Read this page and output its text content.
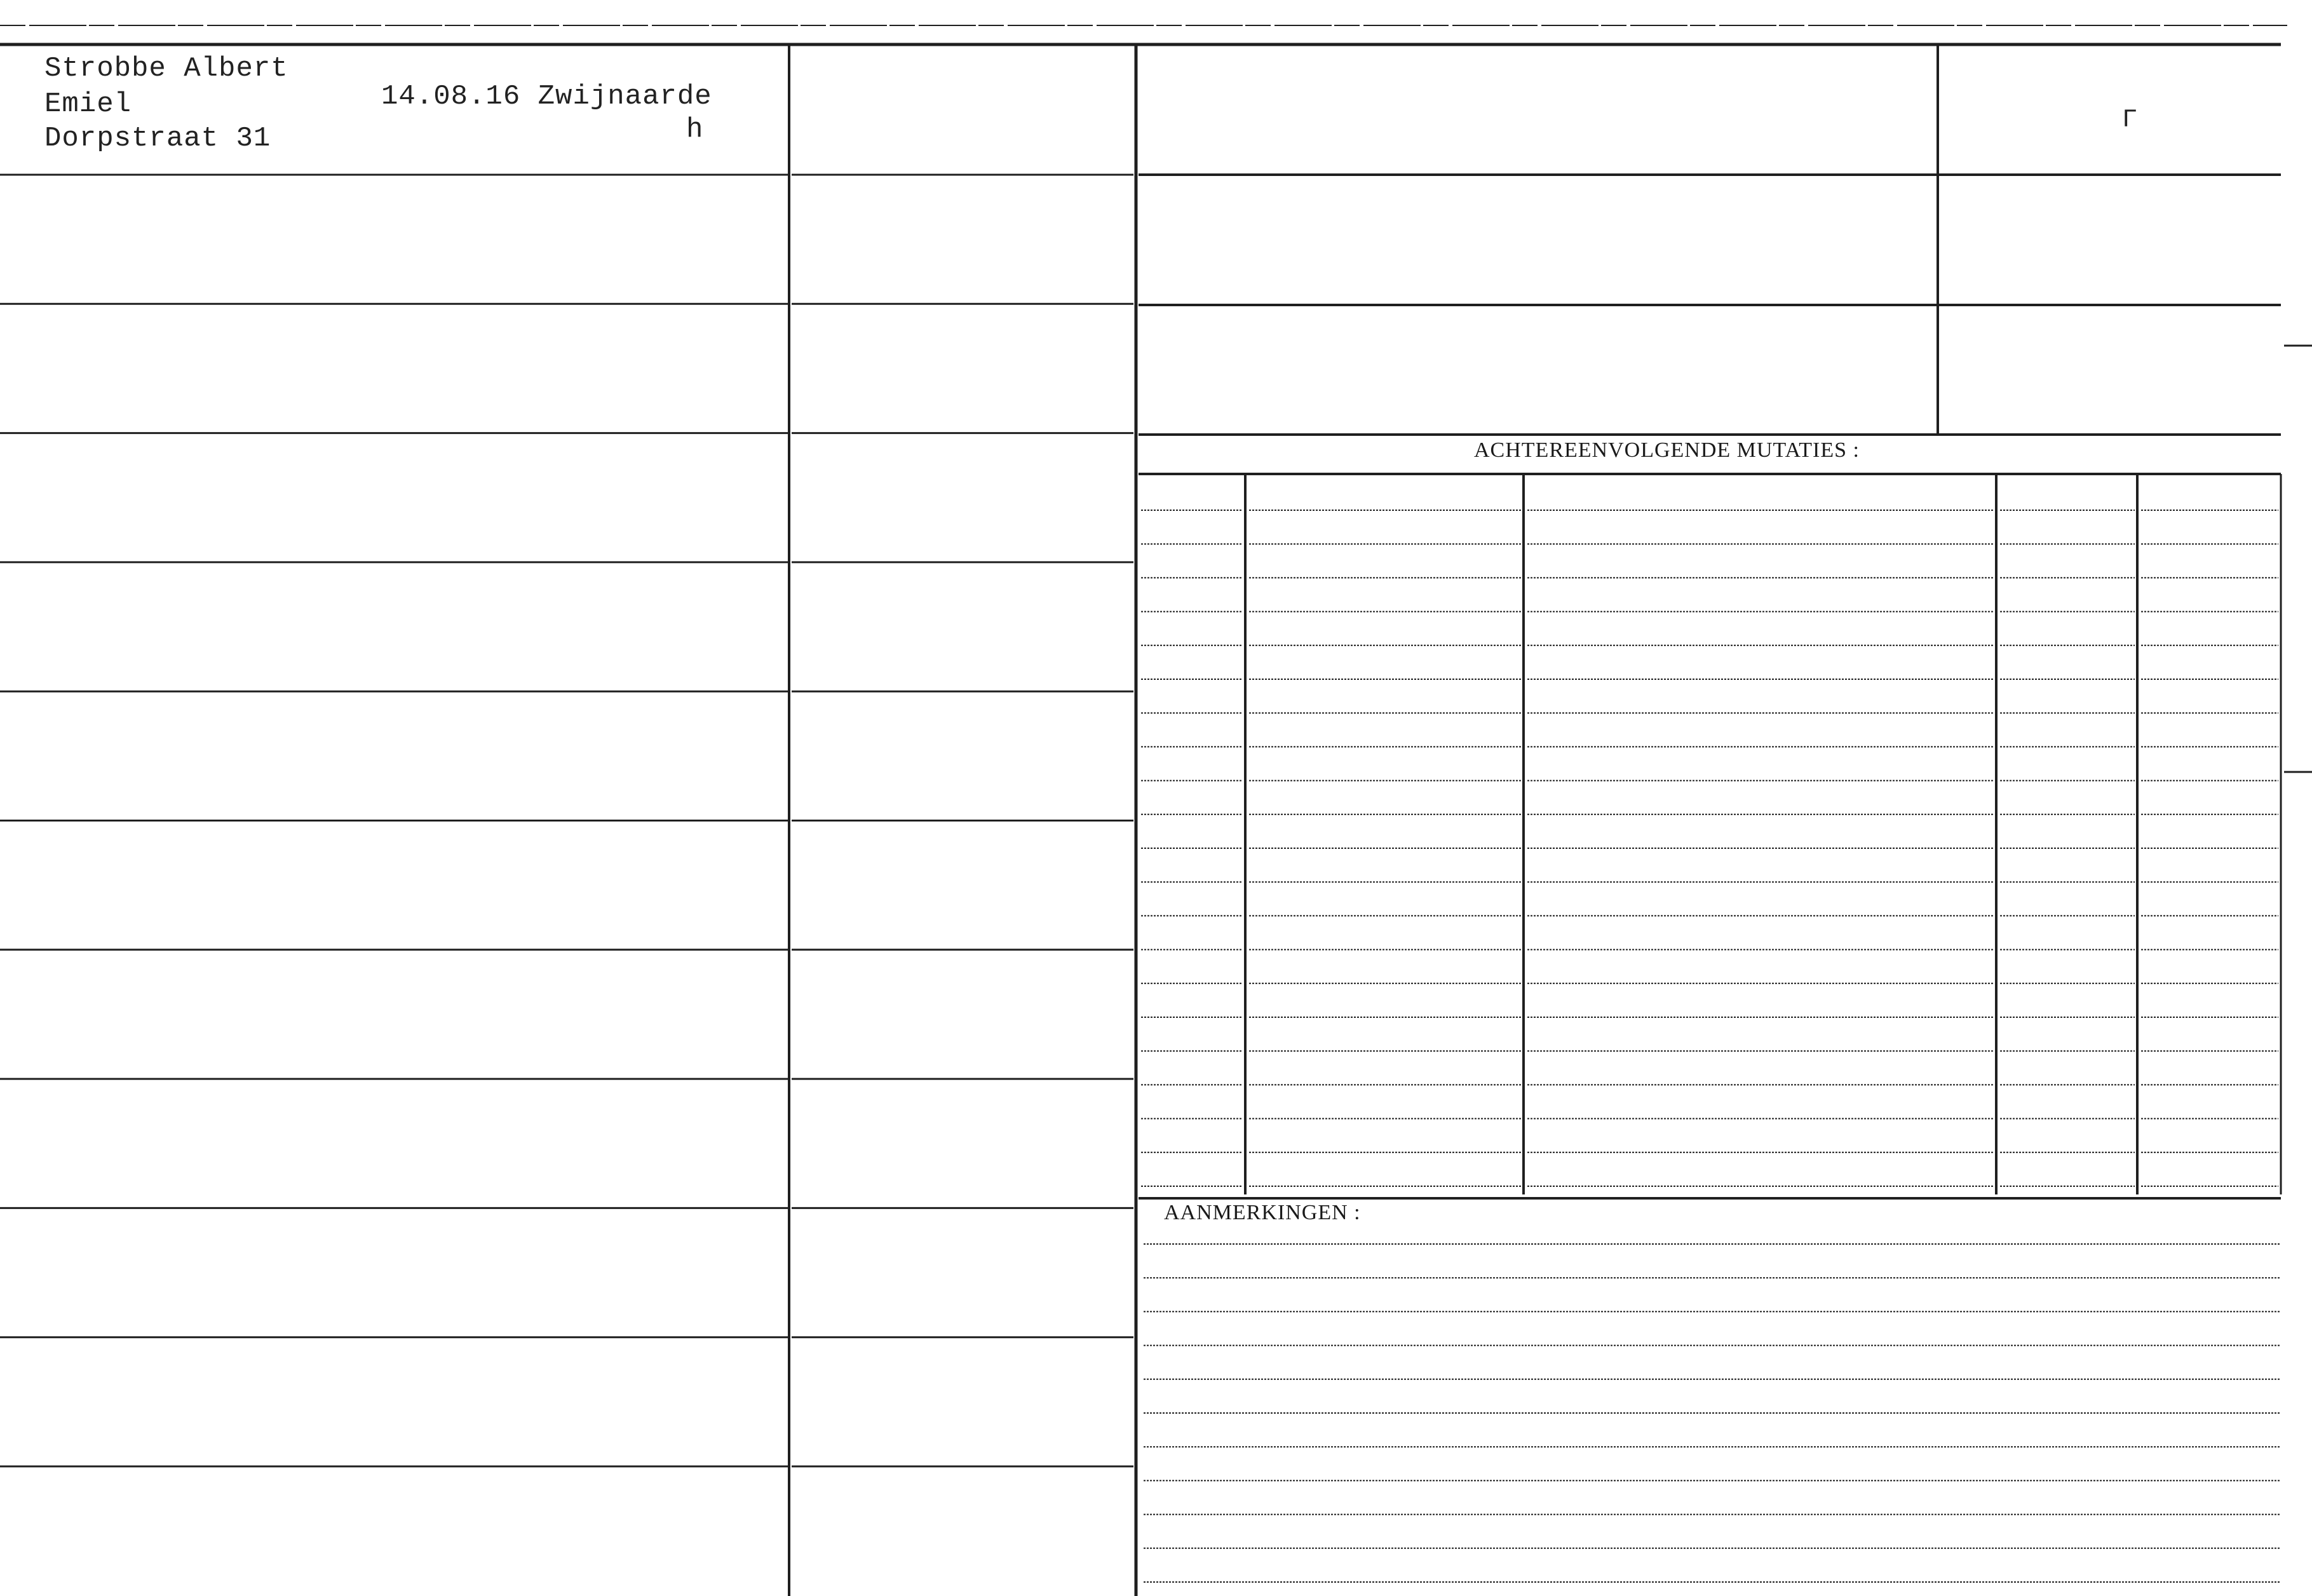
Strobbe Albert
Emiel
Dorpstraat 31
14.08.16 Zwijnaarde
h	Γ
ACHTEREENVOLGENDE MUTATIES :
AANMERKINGEN :
